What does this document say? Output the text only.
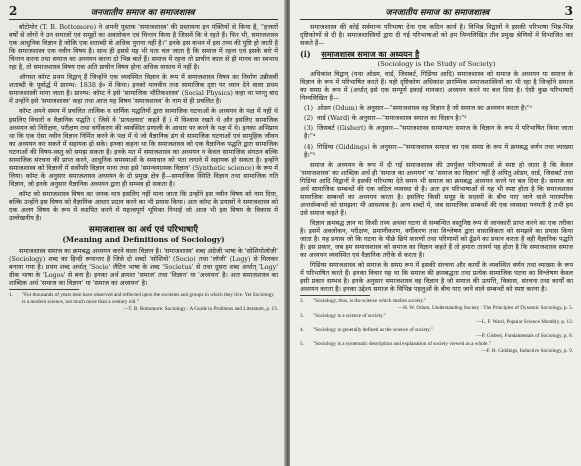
2	जनजातीय समाज का समाजशास्त्र

बॉटोमोर (T. B. Bottomore) ने अपनी पुस्तक 'समाजशास्त्र' की प्रस्तावना इन पंक्तियों से किया है, "हजारों वर्षों से लोगों ने उन समाजों एवं समूहों का अवलोकन एवं चिन्तन किया है जिसमें कि वे रहते हैं। फिर भी, समाजशास्त्र एक आधुनिक विज्ञान है जोकि एक शताब्दी से अधिक पुराना नहीं है।" इनके इस कथन में इस तथ्य की पुष्टि हो जाती है कि समाजशास्त्र एक नवीन विषय है। साथ ही इससे यह भी पता चल जाता है कि समाज में रहना एवं इसके बारे में चिन्तन करना तथा समाज का अध्ययन करना दो भिन्न बातें हैं। समाज में रहना तो प्राचीन काल से ही मानव का स्वभाव रहा है, तो समाजशास्त्र विषय एक अति प्राचीन विषय होना अधिक वास्तव में नहीं है।

ऑगस्त कॉम्ट प्रथम विद्वान् हैं जिन्होंने एक व्यवस्थित विज्ञान के रूप में समाजशास्त्र विषय का निर्माण उन्नीसवीं शताब्दी के पूर्वार्द्ध में प्रारम्भ: 1838 ई० में किया। इनको मानवीय तथा सामाजिक दृष्टा पर ध्यान देने वाला प्रथम समाजशास्त्री माना जाता है। प्रारम्भ: कॉम्ट ने इसे 'सामाजिक भौतिकशास्त्र' (Social Physics) कहा था परन्तु बाद में उन्होंने इसे 'समाजशास्त्र' कहा तथा आज यह विषय 'समाजशास्त्र' के नाम से ही प्रचलित है।

कॉम्ट अपने समय में प्रचलित तात्विक व धार्मिक पद्धतियों द्वारा सामाजिक घटनाओं के अध्ययन के पक्ष में नहीं थे इसलिए विचारों व वैज्ञानिक पद्धति ( जिसे वे 'प्रत्यक्षवाद' कहते हैं ) में विश्वास रखते थे और इसलिए सामाजिक अध्ययन को निरीक्षण, परीक्षण तथा वर्गीकरण की व्यवस्थित प्रणाली के आधार पर करने के पक्ष में थे। इनका अभिप्राय था कि एक ऐसा नवीन विज्ञान निर्मित करने के पक्ष में थे जो वैज्ञानिक ढंग से सामाजिक घटनाओं एवं सामूहिक जीवन का अध्ययन कर सकने में सहायक हो सके। इनका कहना था कि समाजशास्त्र को एक वैज्ञानिक पद्धति द्वारा सामाजिक घटनाओं की विषय-वस्तु को समझ सकता है। इनके मत में समाजशास्त्र का अध्ययन न केवल सामाजिक संगठन बल्कि सामाजिक संरचना की प्राप्त करने, आधुनिक समस्याओं के समाधान को पता लगाने में सहायक हो सकता है। इन्होंने समाजशास्त्र को विज्ञानों में सर्वोपरि विज्ञान माना तथा इसे 'समन्वयात्मक विज्ञान' (Synthetic science) के रूप में लिया। कॉम्ट के अनुसार समाजशास्त्र अध्ययन के दो प्रमुख क्षेत्र हैं—सामाजिक स्थिति विज्ञान तथा सामाजिक गति विज्ञान, जो इनके अनुसार वैज्ञानिक अध्ययन द्वारा ही सम्भव हो सकता है।

कॉम्ट को समाजशास्त्र विषय का जनक मात्र इसलिए नहीं माना जाता कि उन्होंने इस नवीन विषय को नाम दिया, बल्कि उन्होंने इस विषय को वैज्ञानिक आधार प्रदान करने का भी प्रयास किया। अतः कॉम्ट के प्रयासों ने समाजशास्त्र को एक अलग विषय के रूप में स्थापित करने में महत्त्वपूर्ण भूमिका निभाई जो आज भी इस विषय के विकास में उल्लेखनीय है।

समाजशास्त्र का अर्थ एवं परिभाषाएँ
(Meaning and Definitions of Sociology)

समाजशास्त्र समाज का क्रमबद्ध अध्ययन करने वाला विज्ञान है। 'समाजशास्त्र' शब्द अंग्रेजी भाषा के 'सोशियोलॉजी' (Sociology) शब्द का हिन्दी रूपान्तर है जिसे दो शब्दों 'सोशियो' (Socio) तथा 'लॉजी' (Logy) से मिलकर बनाया गया है। प्रथम शब्द अर्थात् 'Socio' लैटिन भाषा के शब्द 'Societus' से तथा दूसरा शब्द अर्थात् 'Logy' ग्रीक भाषा के 'Logos' से बना है। इनका अर्थ क्रमशः 'समाज' तथा 'विज्ञान' या 'अध्ययन' है। अतः समाजशास्त्र का शाब्दिक अर्थ 'समाज का विज्ञान' या 'समाज का अध्ययन' है।

1.	"For thousands of years men have observed and reflected upon the societies and groups in which they live. Yet Sociology is a modern science, not much more than a century old."
—T. B. Bottomore: Sociology : A Guide to Problems and Literature, p. 13.
जनजातीय समाज का समाजशास्त्र	3

समाजशास्त्र की कोई सर्वमान्य परिभाषा देना एक कठिन कार्य है। विभिन्न विद्वानों ने इसकी परिभाषा भिन्न-भिन्न दृष्टिकोणों से दी है। समाजशास्त्रियों द्वारा दी गई परिभाषाओं को हम निम्नलिखित तीन प्रमुख श्रेणियों में विभाजित कर सकते हैं—

(i) समाजशास्त्र समाज का अध्ययन है
(Sociology is the Study of Society)

अधिकांश विद्वान् (यथा ओडम, वार्ड, जिसबर्ट, गिडिंग्स आदि) समाजशास्त्र को समाज के अध्ययन या समाज के विज्ञान के रूप में परिभाषित करते हैं। यही दृष्टिकोण अधिकांश प्रारम्भिक समाजशास्त्रियों का भी रहा है जिन्होंने समाज का समग्र के रूप में (अर्थात् इसे एक सम्पूर्ण इकाई मानकर) अध्ययन करने पर बल दिया है। ऐसी कुछ परिभाषाएँ निम्नलिखित हैं—

(1) ओडम (Odum) के अनुसार—"समाजशास्त्र वह विज्ञान है जो समाज का अध्ययन करता है।"²
(2) वार्ड (Ward) के अनुसार—"समाजशास्त्र समाज का विज्ञान है।"³
(3) जिसबर्ट (Gisbert) के अनुसार—"समाजशास्त्र सामान्यतः समाज के विज्ञान के रूप में परिभाषित किया जाता है।"⁴
(4) गिडिंग्स (Giddings) के अनुसार—"समाजशास्त्र समाज का एक समग्र के रूप में क्रमबद्ध वर्णन तथा व्याख्या है।"⁵

समाज के अध्ययन के रूप में दी गई समाजशास्त्र की उपर्युक्त परिभाषाओं से स्पष्ट हो जाता है कि केवल 'समाजशास्त्र' का शाब्दिक अर्थ ही 'समाज का अध्ययन' या 'समाज का विज्ञान' नहीं है अपितु ओडम, वार्ड, जिसबर्ट तथा गिडिंग्स आदि विद्वानों ने इसकी परिभाषा देते समय भी समाज का क्रमबद्ध अध्ययन करने पर बल दिया है। समाज का अर्थ सामाजिक सम्बन्धों की एक जटिल व्यवस्था से है। अतः इन परिभाषाओं से यह भी स्पष्ट होता है कि समाजशास्त्र सामाजिक सम्बन्धों का अध्ययन करता है। इसलिए किसी समूह के सदस्यों के बीच पाए जाने वाले पारस्परिक अन्तर्सम्बन्धों को समझना भी आवश्यक है। अन्य शब्दों में, जब सामाजिक सम्बन्धों की एक व्यवस्था पनपती है तभी हम उसे समाज कहते हैं।

विज्ञान क्रमबद्ध ज्ञान या किसी तथ्य अथवा घटना से सम्बन्धित वस्तुनिष्ठ रूप से जानकारी प्राप्त करने का एक तरीका है। इसमें अवलोकन, परीक्षण, प्रमाणीकरण, वर्गीकरण तथा विश्लेषण द्वारा वास्तविकता को समझने का प्रयास किया जाता है। यह प्रयास जो कि घटना के पीछे छिपे कारणों तथा परिणामों को ढूँढने का प्रयत्न करता है वही वैज्ञानिक पद्धति है। इस प्रकार, जब हम समाजशास्त्र को समाज का विज्ञान कहते हैं तो हमारा तात्पर्य यह होता है कि समाजशास्त्र समाज का अध्ययन व्यवस्थित एवं वैज्ञानिक तरीके से करता है।

गिडिंग्स समाजशास्त्र को समाज के समग्र रूप में इसकी संरचना और कार्यों के व्यवस्थित वर्णन तथा व्याख्या के रूप में परिभाषित करते हैं। इनका विचार यह था कि समाज की क्रमबद्धता तथा प्रत्येक सामाजिक घटना का विश्लेषण केवल इसी प्रकार सम्भव है। इनके अनुसार समाजशास्त्र वह विज्ञान है जो समाज की उत्पत्ति, विकास, संरचना तथा कार्यों का अध्ययन करता है। इनका उद्देश्य समाज के विभिन्न पहलुओं के बीच पाए जाने वाले सम्बन्धों को स्पष्ट करना है।

2.	"Sociology, thus, is the science which studies society."
—H. W. Odum, Understanding Society : The Principles of Dynamic Sociology, p. 5.
3.	"Sociology is a science of society."
—L. F. Ward, Popular Science Monthly, p. 13.
4.	"Sociology is generally defined as the science of society."
—P. Gisbert, Fundamentals of Sociology, p. 8.
5.	"Sociology is a systematic description and explanation of society viewed as a whole."
—F. H. Giddings, Inductive Sociology, p. 9.
